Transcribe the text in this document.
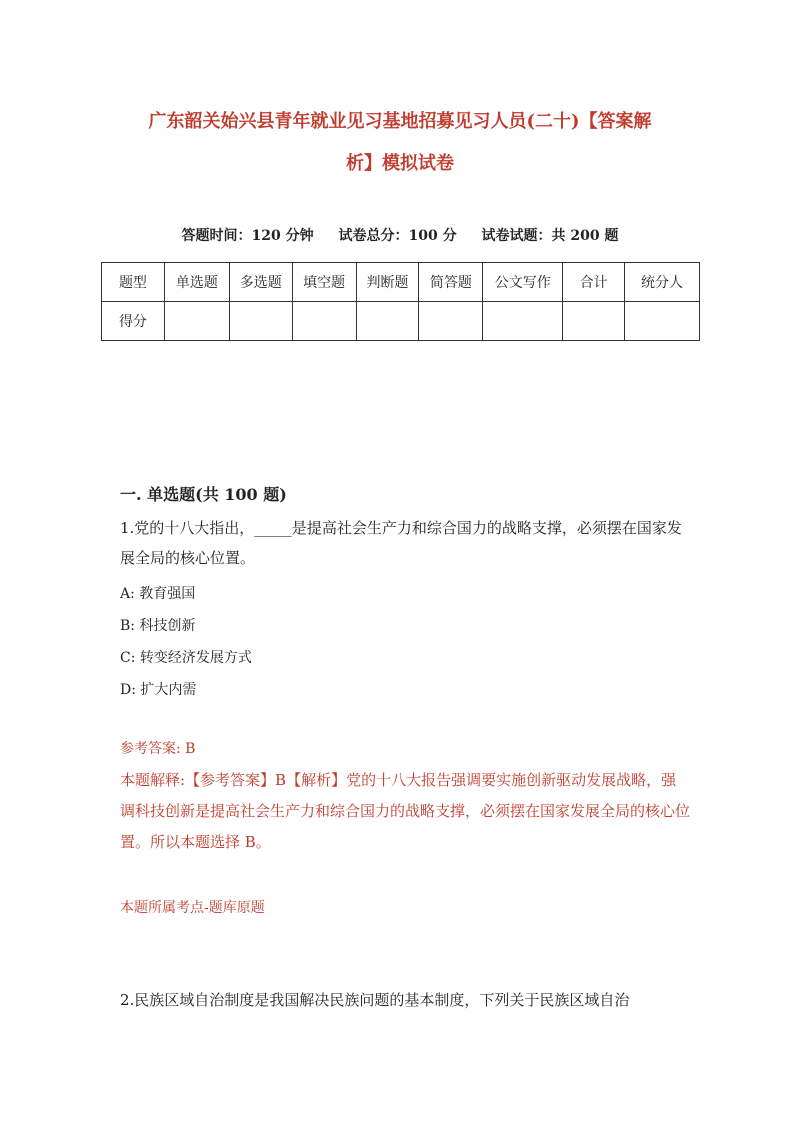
广东韶关始兴县青年就业见习基地招募见习人员(二十)【答案解
析】模拟试卷
答题时间：120 分钟 试卷总分：100 分 试卷试题：共 200 题
题型	单选题	多选题	填空题	判断题	简答题	公文写作	合计	统分人
得分								
一. 单选题(共 100 题)
1.党的十八大指出，_____是提高社会生产力和综合国力的战略支撑，必须摆在国家发展全局的核心位置。
A: 教育强国
B: 科技创新
C: 转变经济发展方式
D: 扩大内需
参考答案: B
本题解释:【参考答案】B【解析】党的十八大报告强调要实施创新驱动发展战略，强调科技创新是提高社会生产力和综合国力的战略支撑，必须摆在国家发展全局的核心位置。所以本题选择 B。
本题所属考点-题库原题
2.民族区域自治制度是我国解决民族问题的基本制度，下列关于民族区域自治
